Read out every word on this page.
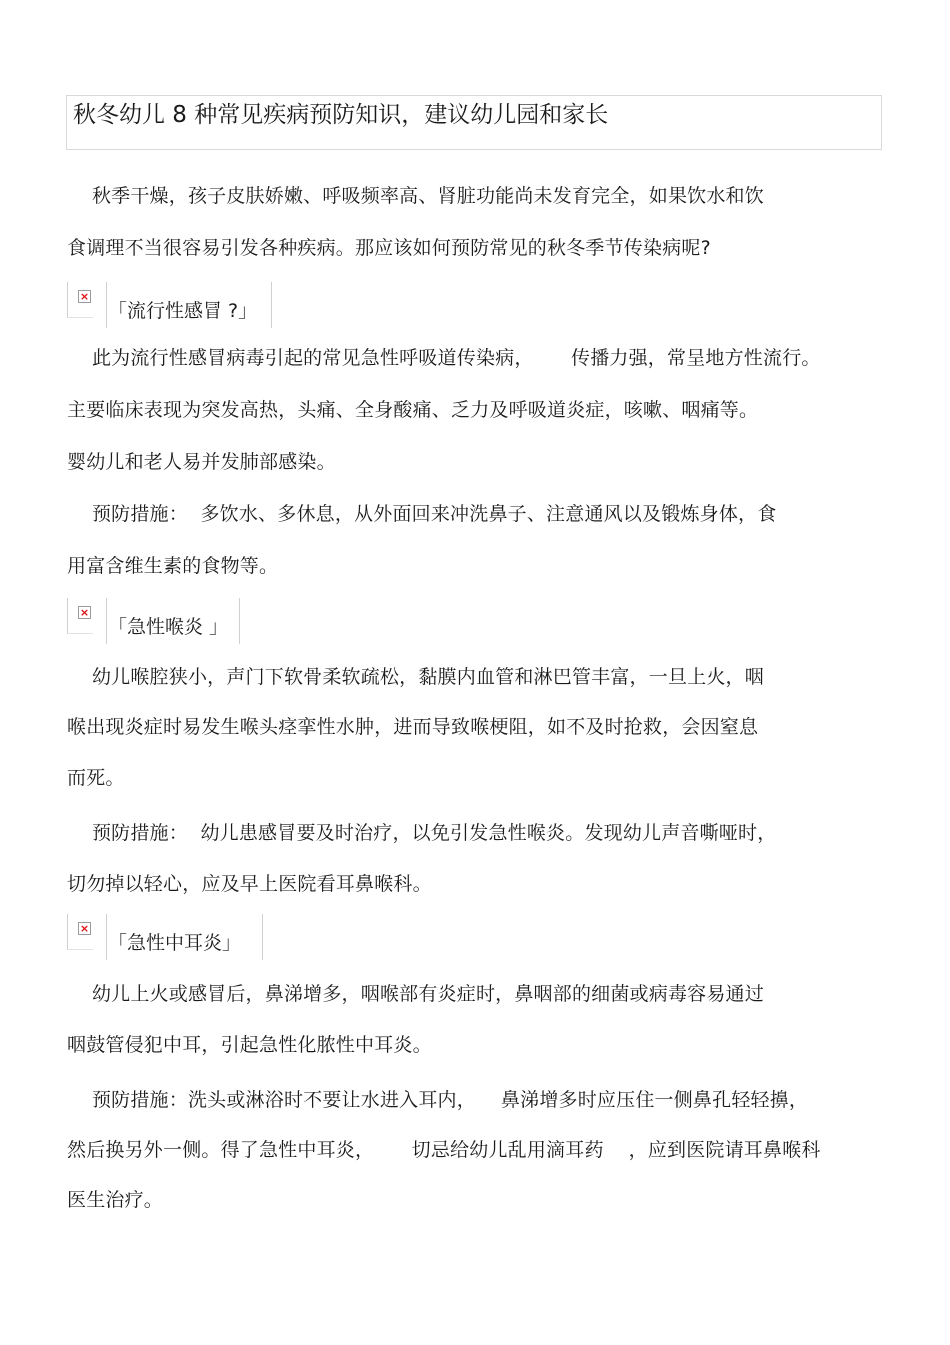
秋冬幼儿 8 种常见疾病预防知识，建议幼儿园和家长
秋季干燥，孩子皮肤娇嫩、呼吸频率高、肾脏功能尚未发育完全，如果饮水和饮
食调理不当很容易引发各种疾病。那应该如何预防常见的秋冬季节传染病呢?
×
「流行性感冒 ?」
此为流行性感冒病毒引起的常见急性呼吸道传染病，      传播力强，常呈地方性流行。
主要临床表现为突发高热，头痛、全身酸痛、乏力及呼吸道炎症，咳嗽、咽痛等。
婴幼儿和老人易并发肺部感染。
预防措施：  多饮水、多休息，从外面回来冲洗鼻子、注意通风以及锻炼身体，食
用富含维生素的食物等。
×
「急性喉炎 」
幼儿喉腔狭小，声门下软骨柔软疏松，黏膜内血管和淋巴管丰富，一旦上火，咽
喉出现炎症时易发生喉头痉挛性水肿，进而导致喉梗阻，如不及时抢救，会因窒息
而死。
预防措施：  幼儿患感冒要及时治疗，以免引发急性喉炎。发现幼儿声音嘶哑时，
切勿掉以轻心，应及早上医院看耳鼻喉科。
×
「急性中耳炎」
幼儿上火或感冒后，鼻涕增多，咽喉部有炎症时，鼻咽部的细菌或病毒容易通过
咽鼓管侵犯中耳，引起急性化脓性中耳炎。
预防措施：洗头或淋浴时不要让水进入耳内，    鼻涕增多时应压住一侧鼻孔轻轻擤，
然后换另外一侧。得了急性中耳炎，      切忌给幼儿乱用滴耳药    ，应到医院请耳鼻喉科
医生治疗。
